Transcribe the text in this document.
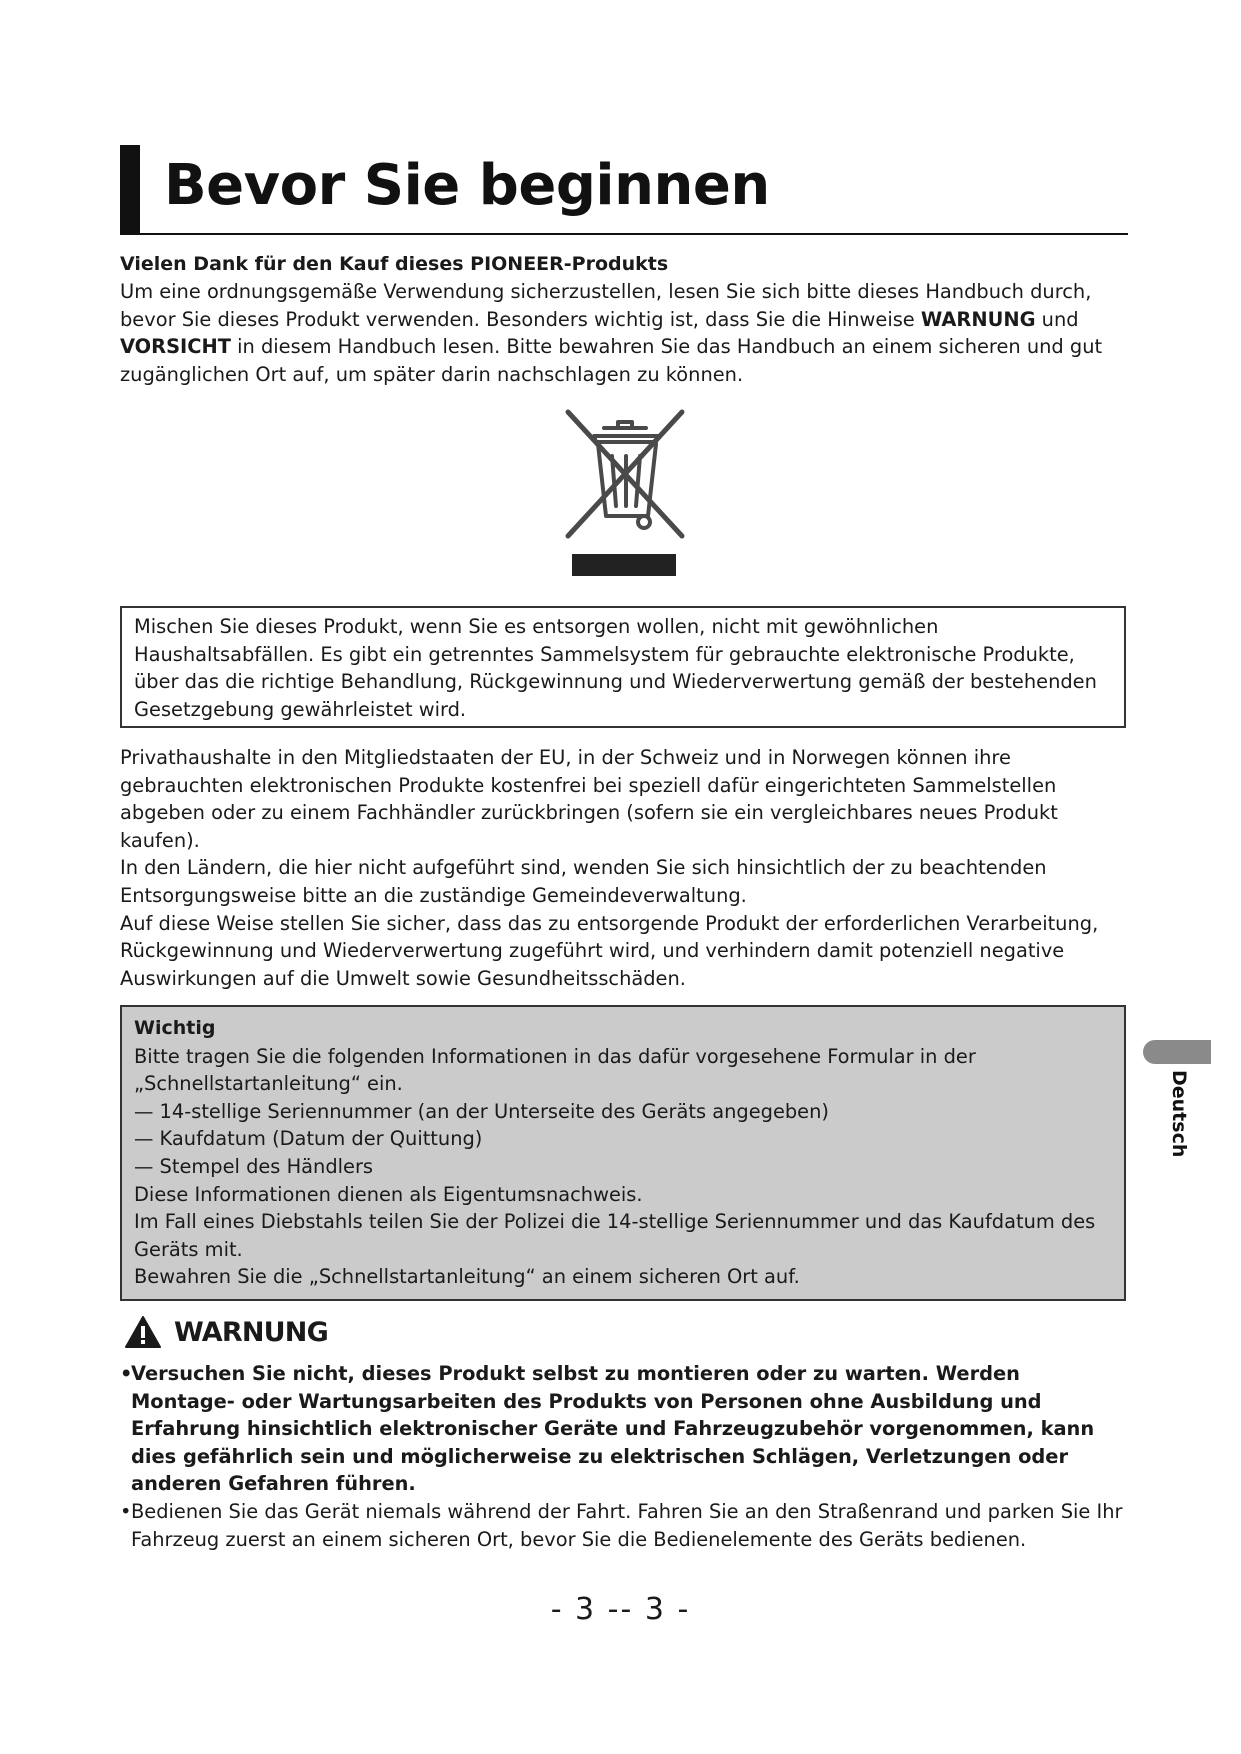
Bevor Sie beginnen
Vielen Dank für den Kauf dieses PIONEER-Produkts
Um eine ordnungsgemäße Verwendung sicherzustellen, lesen Sie sich bitte dieses Handbuch durch, bevor Sie dieses Produkt verwenden. Besonders wichtig ist, dass Sie die Hinweise WARNUNG und VORSICHT in diesem Handbuch lesen. Bitte bewahren Sie das Handbuch an einem sicheren und gut zugänglichen Ort auf, um später darin nachschlagen zu können.
Mischen Sie dieses Produkt, wenn Sie es entsorgen wollen, nicht mit gewöhnlichen Haushaltsabfällen. Es gibt ein getrenntes Sammelsystem für gebrauchte elektronische Produkte, über das die richtige Behandlung, Rückgewinnung und Wiederverwertung gemäß der bestehenden Gesetzgebung gewährleistet wird.
Privathaushalte in den Mitgliedstaaten der EU, in der Schweiz und in Norwegen können ihre gebrauchten elektronischen Produkte kostenfrei bei speziell dafür eingerichteten Sammelstellen abgeben oder zu einem Fachhändler zurückbringen (sofern sie ein vergleichbares neues Produkt kaufen).
In den Ländern, die hier nicht aufgeführt sind, wenden Sie sich hinsichtlich der zu beachtenden Entsorgungsweise bitte an die zuständige Gemeindeverwaltung.
Auf diese Weise stellen Sie sicher, dass das zu entsorgende Produkt der erforderlichen Verarbeitung, Rückgewinnung und Wiederverwertung zugeführt wird, und verhindern damit potenziell negative Auswirkungen auf die Umwelt sowie Gesundheitsschäden.
Wichtig
Bitte tragen Sie die folgenden Informationen in das dafür vorgesehene Formular in der „Schnellstartanleitung“ ein.
— 14-stellige Seriennummer (an der Unterseite des Geräts angegeben)
— Kaufdatum (Datum der Quittung)
— Stempel des Händlers
Diese Informationen dienen als Eigentumsnachweis.
Im Fall eines Diebstahls teilen Sie der Polizei die 14-stellige Seriennummer und das Kaufdatum des Geräts mit.
Bewahren Sie die „Schnellstartanleitung“ an einem sicheren Ort auf.
WARNUNG
•
Versuchen Sie nicht, dieses Produkt selbst zu montieren oder zu warten. Werden Montage- oder Wartungsarbeiten des Produkts von Personen ohne Ausbildung und Erfahrung hinsichtlich elektronischer Geräte und Fahrzeugzubehör vorgenommen, kann dies gefährlich sein und möglicherweise zu elektrischen Schlägen, Verletzungen oder anderen Gefahren führen.
• Bedienen Sie das Gerät niemals während der Fahrt. Fahren Sie an den Straßenrand und parken Sie Ihr Fahrzeug zuerst an einem sicheren Ort, bevor Sie die Bedienelemente des Geräts bedienen.
Deutsch
- 3 -- 3 -
